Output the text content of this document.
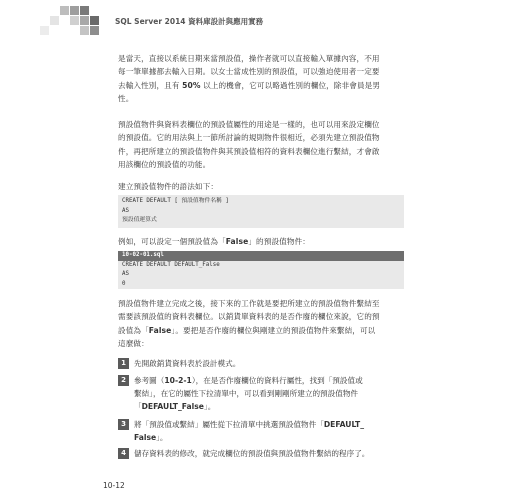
SQL Server 2014 資料庫設計與應用實務
是當天，直接以系統日期來當預設值，操作者就可以直接輸入單據內容，不用
每一筆單據都去輸入日期。以女士當成性別的預設值，可以強迫使用者一定要
去輸入性別，且有 50% 以上的機會，它可以略過性別的欄位，除非會員是男
性。
預設值物件與資料表欄位的預設值屬性的用途是一樣的，也可以用來設定欄位
的預設值。它的用法與上一節所討論的規則物件很相近，必須先建立預設值物
件，再把所建立的預設值物件與其預設值相符的資料表欄位進行繫結，才會啟
用該欄位的預設值的功能。
建立預設值物件的語法如下：
CREATE DEFAULT [ 預設值物件名稱 ]
AS
預設值運算式
例如，可以設定一個預設值為「False」的預設值物件：
10-02-01.sql
CREATE DEFAULT DEFAULT_False
AS
0
預設值物件建立完成之後，接下來的工作就是要把所建立的預設值物件繫結至
需要該預設值的資料表欄位。以銷貨單資料表的是否作廢的欄位來說，它的預
設值為「False」。要把是否作廢的欄位與剛建立的預設值物件來繫結，可以
這麼做：
1	先開啟銷貨資料表於設計模式。
2	參考圖（10-2-1），在是否作廢欄位的資料行屬性，找到「預設值或
繫結」，在它的屬性下拉清單中，可以看到剛剛所建立的預設值物件
「DEFAULT_False」。
3	將「預設值或繫結」屬性從下拉清單中挑選預設值物件「DEFAULT_
False」。
4	儲存資料表的修改，就完成欄位的預設值與預設值物件繫結的程序了。
10-12
